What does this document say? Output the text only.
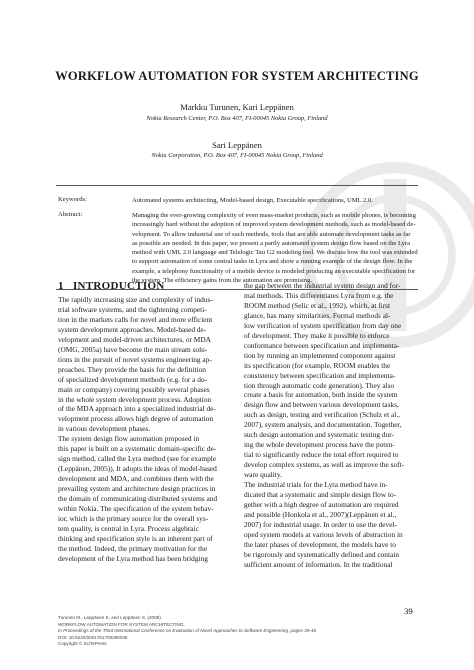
WORKFLOW AUTOMATION FOR SYSTEM ARCHITECTING
Markku Turunen, Kari Leppänen
Nokia Research Center, P.O. Box 407, FI-00045 Nokia Group, Finland
Sari Leppänen
Nokia Corporation, P.O. Box 407, FI-00045 Nokia Group, Finland
Keywords:	Automated systems architecting, Model-based design, Executable specifications, UML 2.0.
Abstract:	Managing the ever-growing complexity of even mass-market products, such as mobile phones, is becoming
increasingly hard without the adoption of improved system development methods, such as model-based de-
velopment. To allow industrial use of such methods, tools that are able automate development tasks as far
as possible are needed. In this paper, we present a partly automated system design flow based on the Lyra
method with UML 2.0 language and Telelogic Tau G2 modeling tool. We discuss how the tool was extended
to support automation of some central tasks in Lyra and show a running example of the design flow. In the
example, a telephony functionality of a mobile device is modeled producing an executable specification for
the system. The efficiency gains from the automation are promising.
1 INTRODUCTION
The rapidly increasing size and complexity of indus-
trial software systems, and the tightening competi-
tion in the markets calls for novel and more efficient
system development approaches. Model-based de-
velopment and model-driven architectures, or MDA
(OMG, 2005a) have become the main stream solu-
tions in the pursuit of novel systems engineering ap-
proaches. They provide the basis for the definition
of specialized development methods (e.g. for a do-
main or company) covering possibly several phases
in the whole system development process. Adoption
of the MDA approach into a specialized industrial de-
velopment process allows high degree of automation
in various development phases.
The system design flow automation proposed in
this paper is built on a systematic domain-specific de-
sign method, called the Lyra method (see for example
(Leppänen, 2005)). It adopts the ideas of model-based
development and MDA, and combines them with the
prevailing system and architecture design practices in
the domain of communicating distributed systems and
within Nokia. The specification of the system behav-
ior, which is the primary source for the overall sys-
tem quality, is central in Lyra. Process algebraic
thinking and specification style is an inherent part of
the method. Indeed, the primary motivation for the
development of the Lyra method has been bridging
the gap between the industrial system design and for-
mal methods. This differentiates Lyra from e.g. the
ROOM method (Selic et al., 1992), which, at first
glance, has many similarities. Formal methods al-
low verification of system specification from day one
of development. They make it possible to enforce
conformance between specification and implementa-
tion by running an implemented component against
its specification (for example, ROOM enables the
consistency between specification and implementa-
tion through automatic code generation). They also
create a basis for automation, both inside the system
design flow and between various development tasks,
such as design, testing and verification (Schulz et al.,
2007), system analysis, and documentation. Together,
such design automation and systematic testing dur-
ing the whole development process have the poten-
tial to significantly reduce the total effort required to
develop complex systems, as well as improve the soft-
ware quality.
The industrial trials for the Lyra method have in-
dicated that a systematic and simple design flow to-
gether with a high degree of automation are required
and possible (Honkola et al., 2007)(Leppänen et al.,
2007) for industrial usage. In order to use the devel-
oped system models at various levels of abstraction in
the later phases of development, the models have to
be rigorously and systematically defined and contain
sufficient amount of information. In the traditional
39
Turunen M., Leppänen K. and Leppänen S. (2008).
WORKFLOW AUTOMATION FOR SYSTEM ARCHITECTING.
In Proceedings of the Third International Conference on Evaluation of Novel Approaches to Software Engineering, pages 39-46
DOI: 10.5220/0001761700390046
Copyright © SciTePress
